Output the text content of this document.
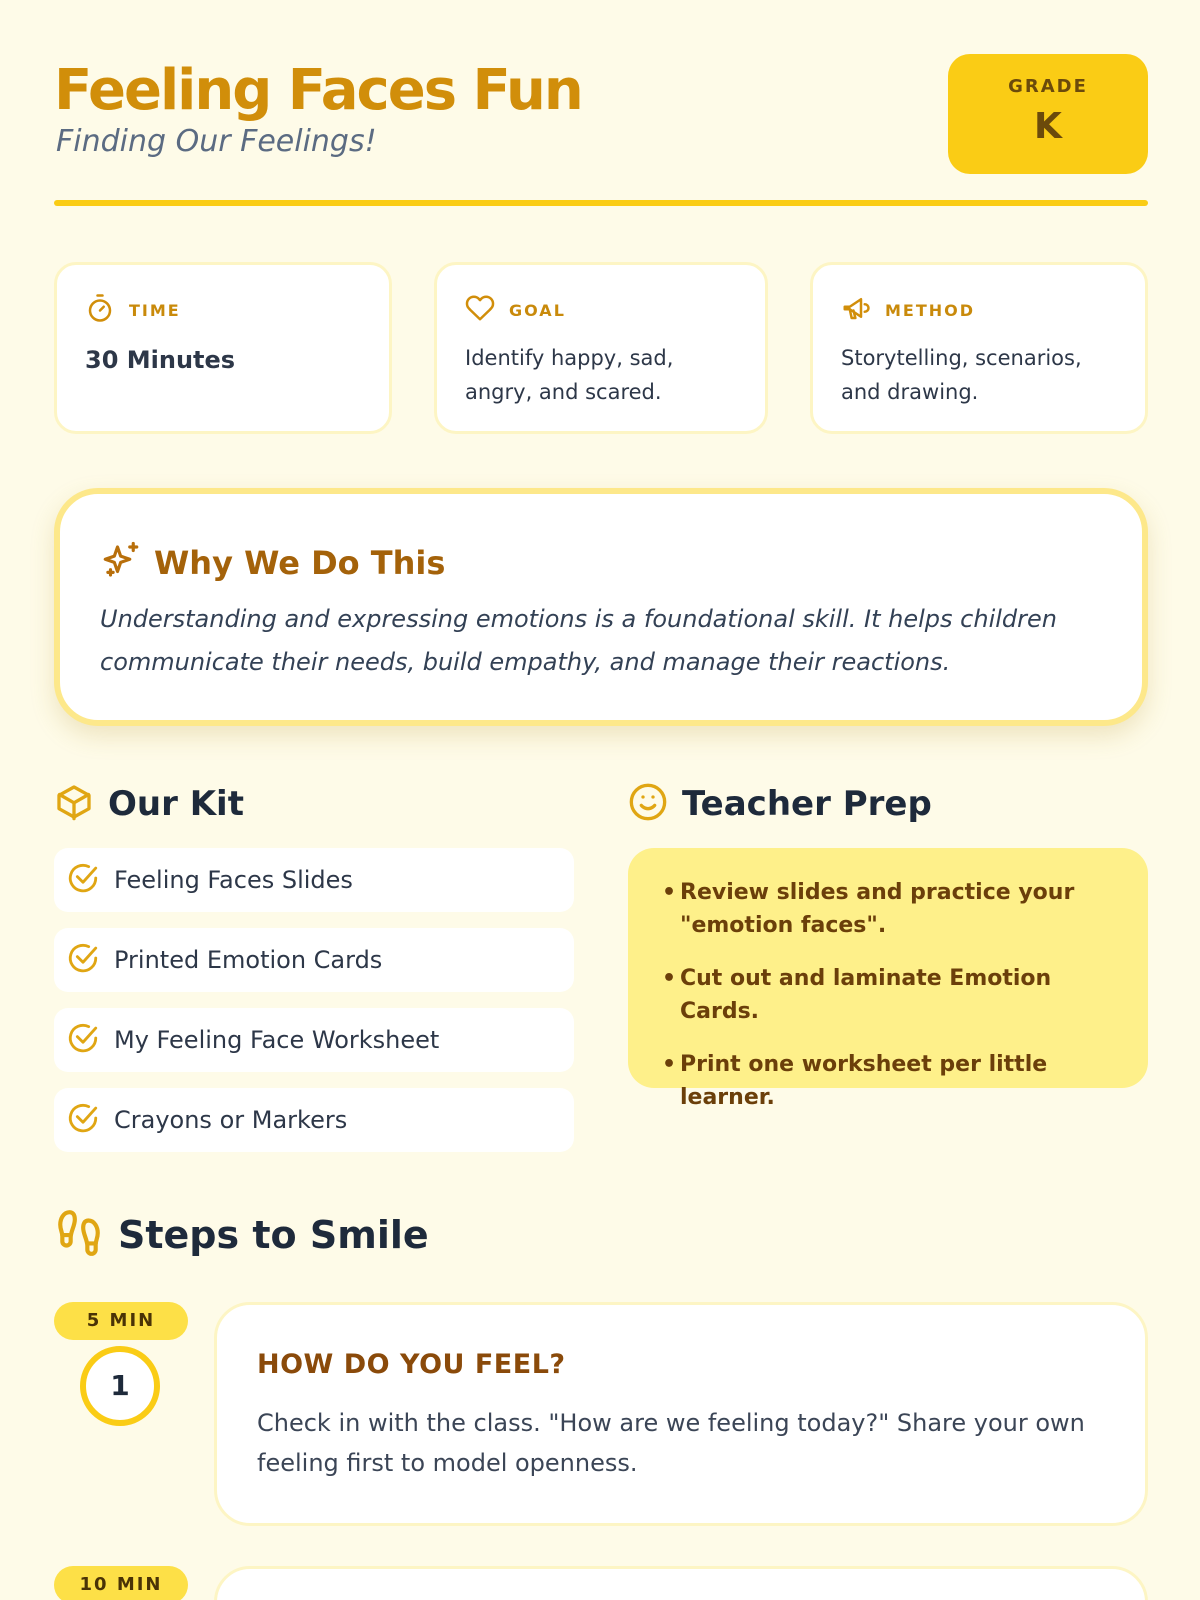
Feeling Faces Fun
Finding Our Feelings!
GRADE
K
TIME
30 Minutes
GOAL
Identify happy, sad, angry, and scared.
METHOD
Storytelling, scenarios, and drawing.
Why We Do This
Understanding and expressing emotions is a foundational skill. It helps children communicate their needs, build empathy, and manage their reactions.
Our Kit
Feeling Faces Slides
Printed Emotion Cards
My Feeling Face Worksheet
Crayons or Markers
Teacher Prep
• Review slides and practice your "emotion faces".
• Cut out and laminate Emotion Cards.
• Print one worksheet per little learner.
Steps to Smile
5 MIN
1
HOW DO YOU FEEL?
Check in with the class. "How are we feeling today?" Share your own feeling first to model openness.
10 MIN
